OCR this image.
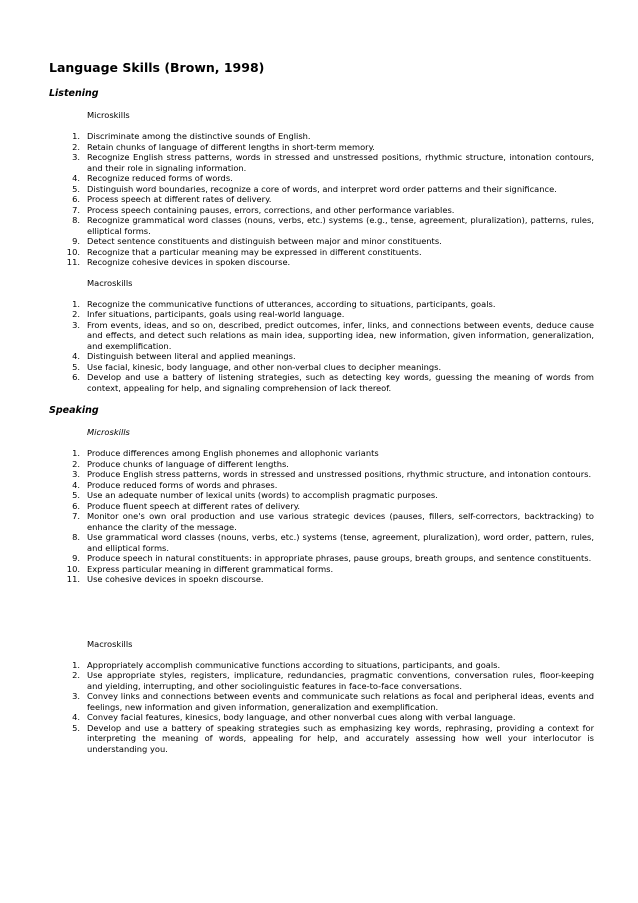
Language Skills (Brown, 1998)
Listening
Microskills
1. Discriminate among the distinctive sounds of English.
2. Retain chunks of language of different lengths in short-term memory.
3. Recognize English stress patterns, words in stressed and unstressed positions, rhythmic structure, intonation contours, and their role in signaling information.
4. Recognize reduced forms of words.
5. Distinguish word boundaries, recognize a core of words, and interpret word order patterns and their significance.
6. Process speech at different rates of delivery.
7. Process speech containing pauses, errors, corrections, and other performance variables.
8. Recognize grammatical word classes (nouns, verbs, etc.) systems (e.g., tense, agreement, pluralization), patterns, rules, elliptical forms.
9. Detect sentence constituents and distinguish between major and minor constituents.
10. Recognize that a particular meaning may be expressed in different constituents.
11. Recognize cohesive devices in spoken discourse.
Macroskills
1. Recognize the communicative functions of utterances, according to situations, participants, goals.
2. Infer situations, participants, goals using real-world language.
3. From events, ideas, and so on, described, predict outcomes, infer, links, and connections between events, deduce cause and effects, and detect such relations as main idea, supporting idea, new information, given information, generalization, and exemplification.
4. Distinguish between literal and applied meanings.
5. Use facial, kinesic, body language, and other non-verbal clues to decipher meanings.
6. Develop and use a battery of listening strategies, such as detecting key words, guessing the meaning of words from context, appealing for help, and signaling comprehension of lack thereof.
Speaking
Microskills
1. Produce differences among English phonemes and allophonic variants
2. Produce chunks of language of different lengths.
3. Produce English stress patterns, words in stressed and unstressed positions, rhythmic structure, and intonation contours.
4. Produce reduced forms of words and phrases.
5. Use an adequate number of lexical units (words) to accomplish pragmatic purposes.
6. Produce fluent speech at different rates of delivery.
7. Monitor one's own oral production and use various strategic devices (pauses, fillers, self-correctors, backtracking) to enhance the clarity of the message.
8. Use grammatical word classes (nouns, verbs, etc.) systems (tense, agreement, pluralization), word order, pattern, rules, and elliptical forms.
9. Produce speech in natural constituents: in appropriate phrases, pause groups, breath groups, and sentence constituents.
10. Express particular meaning in different grammatical forms.
11. Use cohesive devices in spoekn discourse.
Macroskills
1. Appropriately accomplish communicative functions according to situations, participants, and goals.
2. Use appropriate styles, registers, implicature, redundancies, pragmatic conventions, conversation rules, floor-keeping and yielding, interrupting, and other sociolinguistic features in face-to-face conversations.
3. Convey links and connections between events and communicate such relations as focal and peripheral ideas, events and feelings, new information and given information, generalization and exemplification.
4. Convey facial features, kinesics, body language, and other nonverbal cues along with verbal language.
5. Develop and use a battery of speaking strategies such as emphasizing key words, rephrasing, providing a context for interpreting the meaning of words, appealing for help, and accurately assessing how well your interlocutor is understanding you.
